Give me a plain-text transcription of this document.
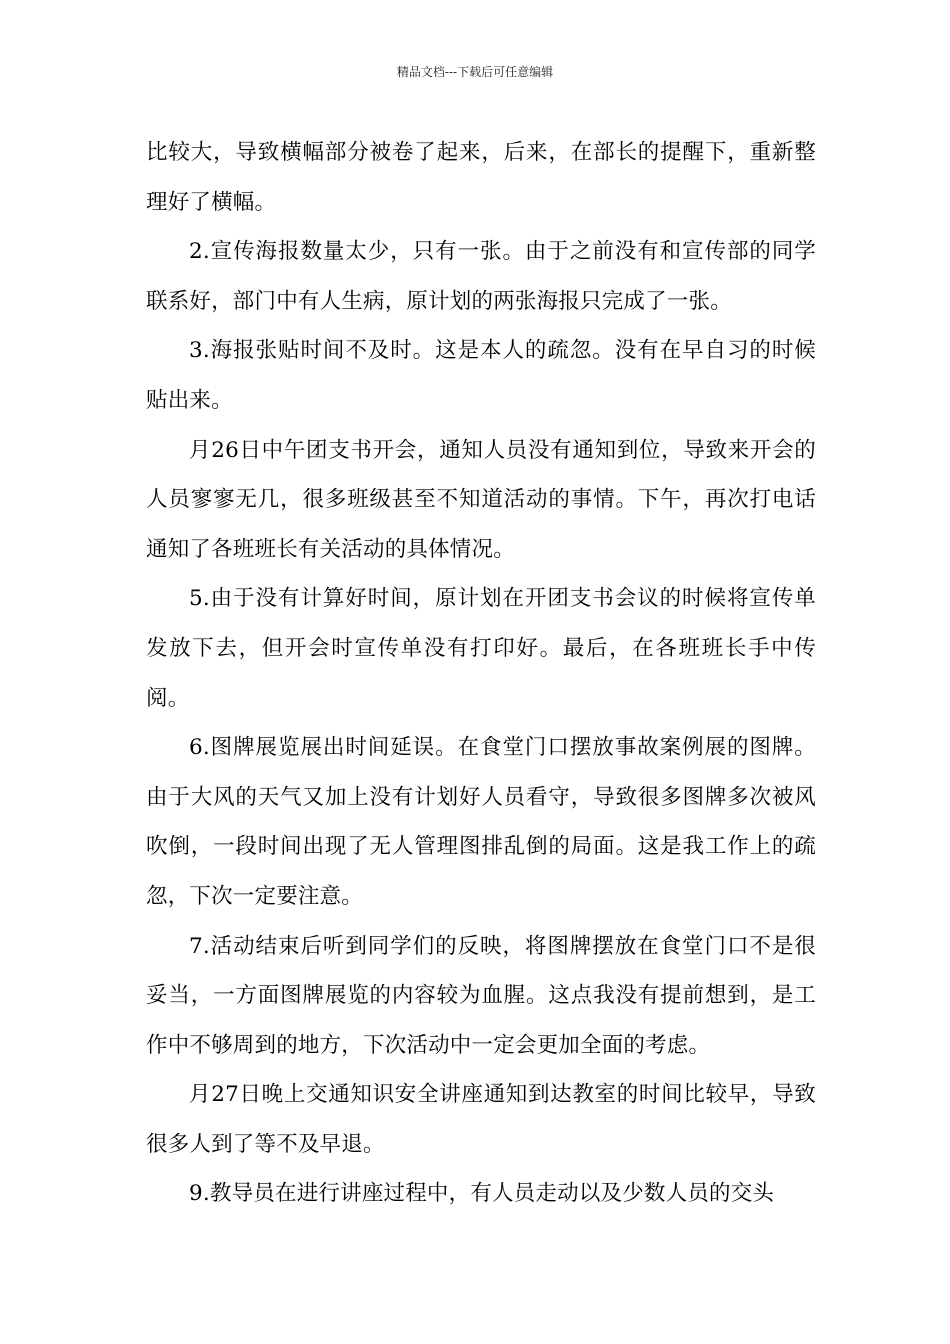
精品文档---下载后可任意编辑

比较大，导致横幅部分被卷了起来，后来，在部长的提醒下，重新整理好了横幅。

2.宣传海报数量太少，只有一张。由于之前没有和宣传部的同学联系好，部门中有人生病，原计划的两张海报只完成了一张。

3.海报张贴时间不及时。这是本人的疏忽。没有在早自习的时候贴出来。

月26日中午团支书开会，通知人员没有通知到位，导致来开会的人员寥寥无几，很多班级甚至不知道活动的事情。下午，再次打电话通知了各班班长有关活动的具体情况。

5.由于没有计算好时间，原计划在开团支书会议的时候将宣传单发放下去，但开会时宣传单没有打印好。最后，在各班班长手中传阅。

6.图牌展览展出时间延误。在食堂门口摆放事故案例展的图牌。由于大风的天气又加上没有计划好人员看守，导致很多图牌多次被风吹倒，一段时间出现了无人管理图排乱倒的局面。这是我工作上的疏忽，下次一定要注意。

7.活动结束后听到同学们的反映，将图牌摆放在食堂门口不是很妥当，一方面图牌展览的内容较为血腥。这点我没有提前想到，是工作中不够周到的地方，下次活动中一定会更加全面的考虑。

月27日晚上交通知识安全讲座通知到达教室的时间比较早，导致很多人到了等不及早退。

9.教导员在进行讲座过程中，有人员走动以及少数人员的交头
